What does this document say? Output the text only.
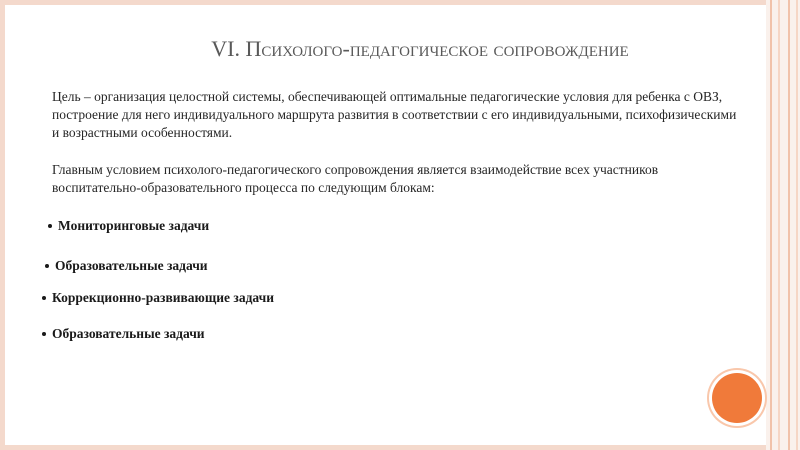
VI. Психолого-педагогическое сопровождение
Цель – организация целостной системы, обеспечивающей оптимальные педагогические условия для ребенка с ОВЗ, построение для него индивидуального маршрута развития в соответствии с его индивидуальными, психофизическими и возрастными особенностями.
Главным условием психолого-педагогического сопровождения является взаимодействие всех участников воспитательно-образовательного процесса по следующим блокам:
Мониторинговые задачи
Образовательные задачи
Коррекционно-развивающие задачи
Образовательные задачи
